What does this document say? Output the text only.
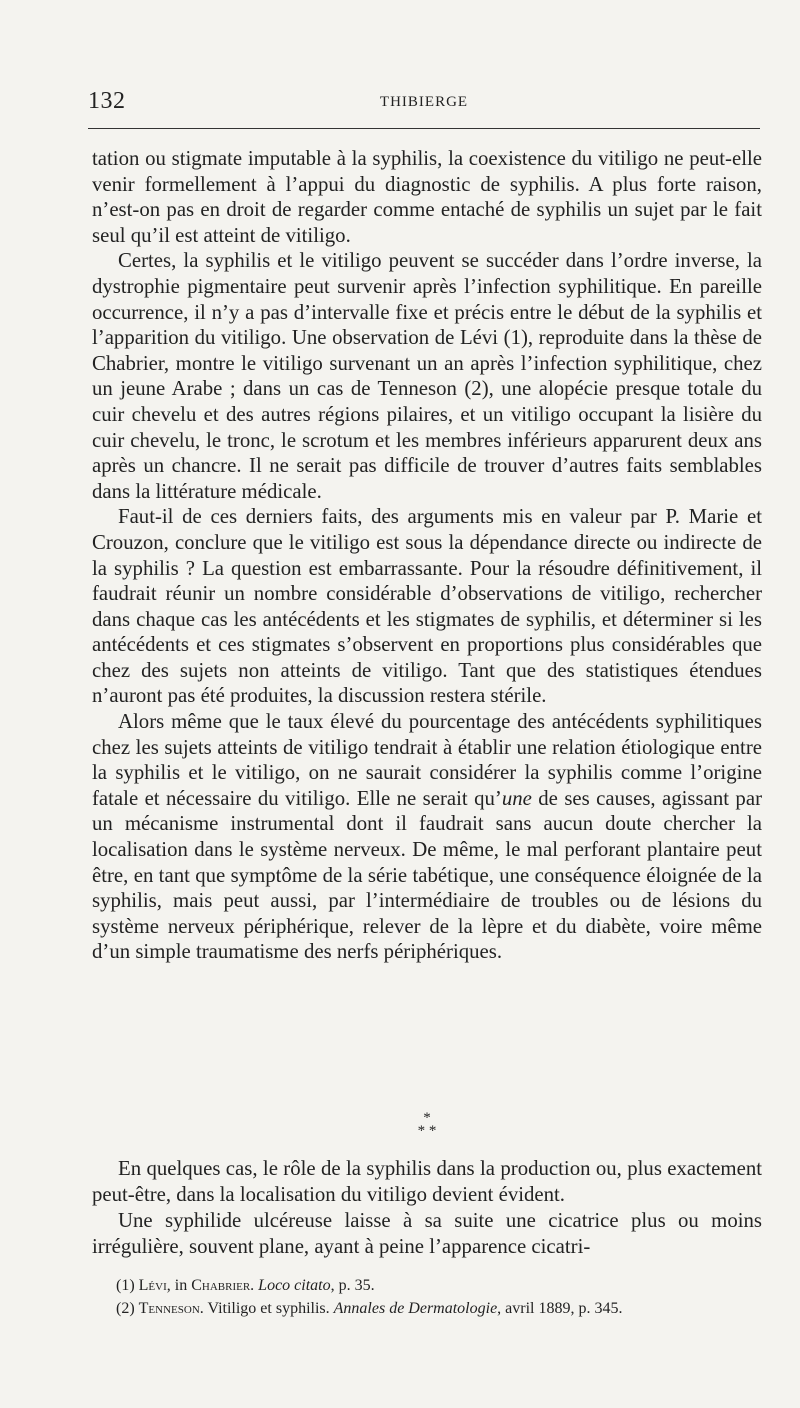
132	THIBIERGE

tation ou stigmate imputable à la syphilis, la coexistence du vitiligo ne peut-elle venir formellement à l’appui du diagnostic de syphilis. A plus forte raison, n’est-on pas en droit de regarder comme entaché de syphilis un sujet par le fait seul qu’il est atteint de vitiligo.

Certes, la syphilis et le vitiligo peuvent se succéder dans l’ordre inverse, la dystrophie pigmentaire peut survenir après l’infection syphilitique. En pareille occurrence, il n’y a pas d’intervalle fixe et précis entre le début de la syphilis et l’apparition du vitiligo. Une observation de Lévi (1), reproduite dans la thèse de Chabrier, montre le vitiligo survenant un an après l’infection syphilitique, chez un jeune Arabe ; dans un cas de Tenneson (2), une alopécie presque totale du cuir chevelu et des autres régions pilaires, et un vitiligo occupant la lisière du cuir chevelu, le tronc, le scrotum et les membres inférieurs apparurent deux ans après un chancre. Il ne serait pas difficile de trouver d’autres faits semblables dans la littérature médicale.

Faut-il de ces derniers faits, des arguments mis en valeur par P. Marie et Crouzon, conclure que le vitiligo est sous la dépendance directe ou indirecte de la syphilis ? La question est embarrassante. Pour la résoudre définitivement, il faudrait réunir un nombre considérable d’observations de vitiligo, rechercher dans chaque cas les antécédents et les stigmates de syphilis, et déterminer si les antécédents et ces stigmates s’observent en proportions plus considérables que chez des sujets non atteints de vitiligo. Tant que des statistiques étendues n’auront pas été produites, la discussion restera stérile.

Alors même que le taux élevé du pourcentage des antécédents syphilitiques chez les sujets atteints de vitiligo tendrait à établir une relation étiologique entre la syphilis et le vitiligo, on ne saurait considérer la syphilis comme l’origine fatale et nécessaire du vitiligo. Elle ne serait qu’une de ses causes, agissant par un mécanisme instrumental dont il faudrait sans aucun doute chercher la localisation dans le système nerveux. De même, le mal perforant plantaire peut être, en tant que symptôme de la série tabétique, une conséquence éloignée de la syphilis, mais peut aussi, par l’intermédiaire de troubles ou de lésions du système nerveux périphérique, relever de la lèpre et du diabète, voire même d’un simple traumatisme des nerfs périphériques.

*
* *

En quelques cas, le rôle de la syphilis dans la production ou, plus exactement peut-être, dans la localisation du vitiligo devient évident.

Une syphilide ulcéreuse laisse à sa suite une cicatrice plus ou moins irrégulière, souvent plane, ayant à peine l’apparence cicatri-

(1) Lévi, in Chabrier. Loco citato, p. 35.

(2) Tenneson. Vitiligo et syphilis. Annales de Dermatologie, avril 1889, p. 345.
